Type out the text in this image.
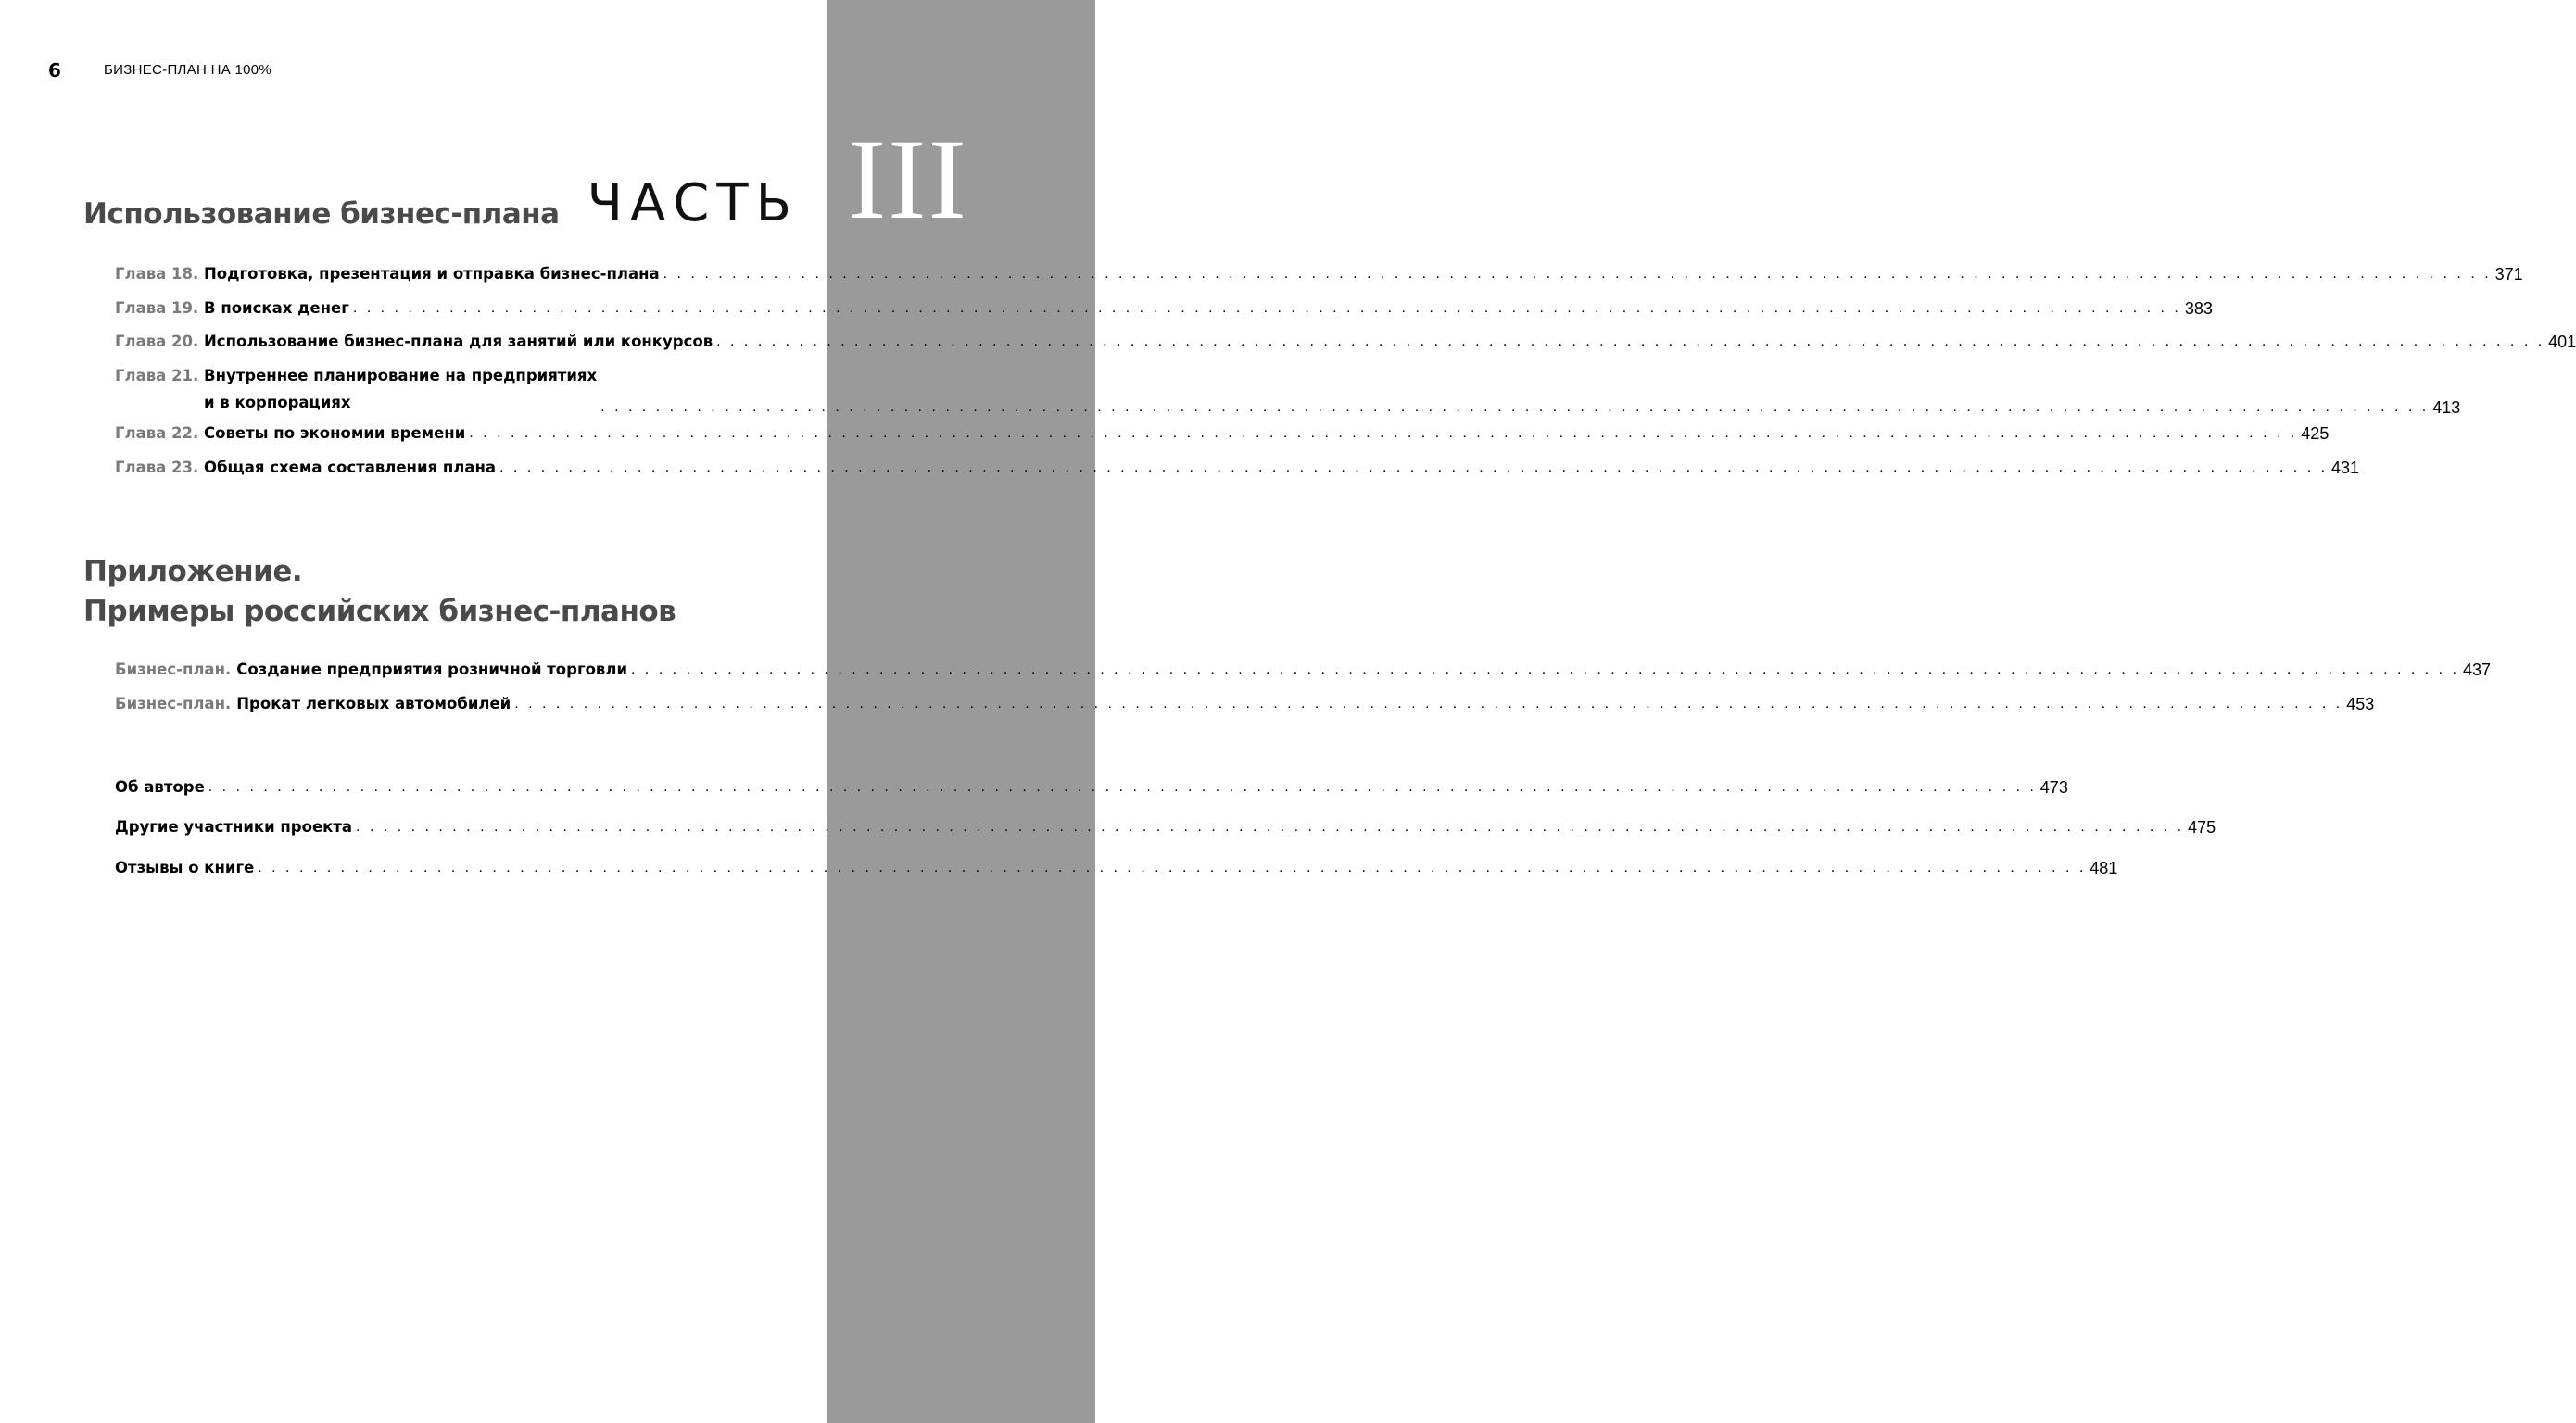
III
ЧАСТЬ
6	БИЗНЕС-ПЛАН НА 100%
Использование бизнес-плана
Глава 18. Подготовка, презентация и отправка бизнес-плана . . . . . . . . . . . . . . . . . . . . . . . . . . . . . . . . . . . . . . . . . . . . . . . . . . . . . . . . . . . . . . . . . . . . . . . . . . . . . . . . . . . . . . . . . . . . . . . . . . . . . . . . . . . . . . . . . . . . . . . . . . . . . . . . . . . . . 371
Глава 19. В поисках денег . . . . . . . . . . . . . . . . . . . . . . . . . . . . . . . . . . . . . . . . . . . . . . . . . . . . . . . . . . . . . . . . . . . . . . . . . . . . . . . . . . . . . . . . . . . . . . . . . . . . . . . . . . . . . . . . . . . . . . . . . . . . . . . . . . . . . 383
Глава 20. Использование бизнес-плана для занятий или конкурсов . . . . . . . . . . . . . . . . . . . . . . . . . . . . . . . . . . . . . . . . . . . . . . . . . . . . . . . . . . . . . . . . . . . . . . . . . . . . . . . . . . . . . . . . . . . . . . . . . . . . . . . . . . . . . . . . . . . . . . . . . . . . . . . . . . . . . 401
Глава 21. Внутреннее планирование на предприятиях
и в корпорациях	. . . . . . . . . . . . . . . . . . . . . . . . . . . . . . . . . . . . . . . . . . . . . . . . . . . . . . . . . . . . . . . . . . . . . . . . . . . . . . . . . . . . . . . . . . . . . . . . . . . . . . . . . . . . . . . . . . . . . . . . . . . . . . . . . . . . . 413
Глава 22. Советы по экономии времени . . . . . . . . . . . . . . . . . . . . . . . . . . . . . . . . . . . . . . . . . . . . . . . . . . . . . . . . . . . . . . . . . . . . . . . . . . . . . . . . . . . . . . . . . . . . . . . . . . . . . . . . . . . . . . . . . . . . . . . . . . . . . . . . . . . . . 425
Глава 23. Общая схема составления плана . . . . . . . . . . . . . . . . . . . . . . . . . . . . . . . . . . . . . . . . . . . . . . . . . . . . . . . . . . . . . . . . . . . . . . . . . . . . . . . . . . . . . . . . . . . . . . . . . . . . . . . . . . . . . . . . . . . . . . . . . . . . . . . . . . . . . 431
Приложение.
Примеры российских бизнес-планов
Бизнес-план. Создание предприятия розничной торговли . . . . . . . . . . . . . . . . . . . . . . . . . . . . . . . . . . . . . . . . . . . . . . . . . . . . . . . . . . . . . . . . . . . . . . . . . . . . . . . . . . . . . . . . . . . . . . . . . . . . . . . . . . . . . . . . . . . . . . . . . . . . . . . . . . . . . 437
Бизнес-план. Прокат легковых автомобилей . . . . . . . . . . . . . . . . . . . . . . . . . . . . . . . . . . . . . . . . . . . . . . . . . . . . . . . . . . . . . . . . . . . . . . . . . . . . . . . . . . . . . . . . . . . . . . . . . . . . . . . . . . . . . . . . . . . . . . . . . . . . . . . . . . . . . 453
Об авторе . . . . . . . . . . . . . . . . . . . . . . . . . . . . . . . . . . . . . . . . . . . . . . . . . . . . . . . . . . . . . . . . . . . . . . . . . . . . . . . . . . . . . . . . . . . . . . . . . . . . . . . . . . . . . . . . . . . . . . . . . . . . . . . . . . . . . 473
Другие участники проекта . . . . . . . . . . . . . . . . . . . . . . . . . . . . . . . . . . . . . . . . . . . . . . . . . . . . . . . . . . . . . . . . . . . . . . . . . . . . . . . . . . . . . . . . . . . . . . . . . . . . . . . . . . . . . . . . . . . . . . . . . . . . . . . . . . . . . 475
Отзывы о книге . . . . . . . . . . . . . . . . . . . . . . . . . . . . . . . . . . . . . . . . . . . . . . . . . . . . . . . . . . . . . . . . . . . . . . . . . . . . . . . . . . . . . . . . . . . . . . . . . . . . . . . . . . . . . . . . . . . . . . . . . . . . . . . . . . . . . 481
